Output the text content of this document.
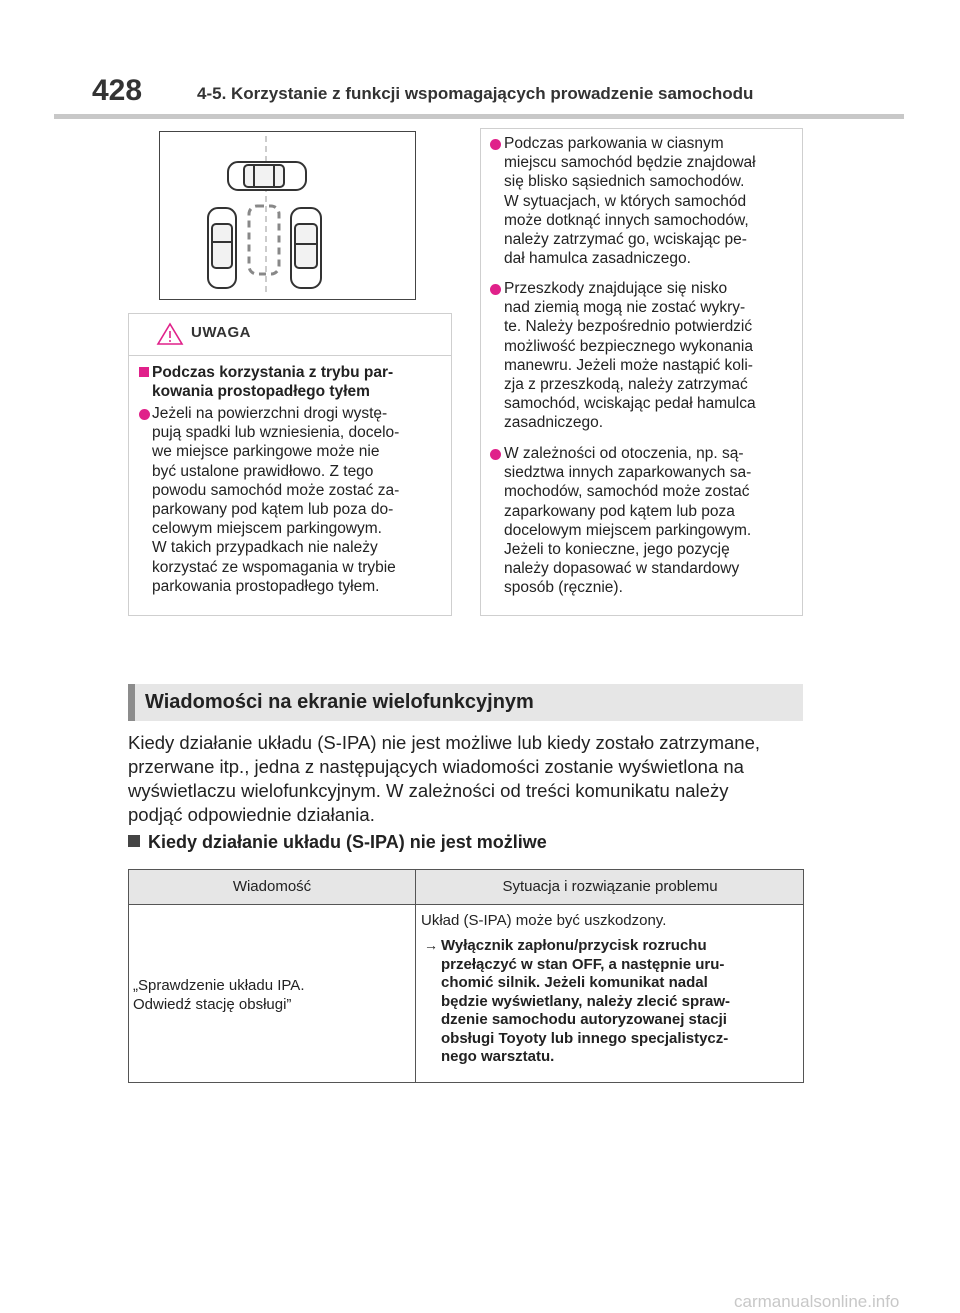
428	4-5. Korzystanie z funkcji wspomagających prowadzenie samochodu
UWAGA
Podczas korzystania z trybu par-
kowania prostopadłego tyłem
Jeżeli na powierzchni drogi wystę-
pują spadki lub wzniesienia, docelo-
we miejsce parkingowe może nie
być ustalone prawidłowo. Z tego
powodu samochód może zostać za-
parkowany pod kątem lub poza do-
celowym miejscem parkingowym.
W takich przypadkach nie należy
korzystać ze wspomagania w trybie
parkowania prostopadłego tyłem.
Podczas parkowania w ciasnym
miejscu samochód będzie znajdował
się blisko sąsiednich samochodów.
W sytuacjach, w których samochód
może dotknąć innych samochodów,
należy zatrzymać go, wciskając pe-
dał hamulca zasadniczego.
Przeszkody znajdujące się nisko
nad ziemią mogą nie zostać wykry-
te. Należy bezpośrednio potwierdzić
możliwość bezpiecznego wykonania
manewru. Jeżeli może nastąpić koli-
zja z przeszkodą, należy zatrzymać
samochód, wciskając pedał hamulca
zasadniczego.
W zależności od otoczenia, np. są-
siedztwa innych zaparkowanych sa-
mochodów, samochód może zostać
zaparkowany pod kątem lub poza
docelowym miejscem parkingowym.
Jeżeli to konieczne, jego pozycję
należy dopasować w standardowy
sposób (ręcznie).
Wiadomości na ekranie wielofunkcyjnym
Kiedy działanie układu (S-IPA) nie jest możliwe lub kiedy zostało zatrzymane,
przerwane itp., jedna z następujących wiadomości zostanie wyświetlona na
wyświetlaczu wielofunkcyjnym. W zależności od treści komunikatu należy
podjąć odpowiednie działania.
Kiedy działanie układu (S-IPA) nie jest możliwe
Wiadomość	Sytuacja i rozwiązanie problemu
„Sprawdzenie układu IPA.
Odwiedź stację obsługi”
Układ (S-IPA) może być uszkodzony.
→ Wyłącznik zapłonu/przycisk rozruchu
przełączyć w stan OFF, a następnie uru-
chomić silnik. Jeżeli komunikat nadal
będzie wyświetlany, należy zlecić spraw-
dzenie samochodu autoryzowanej stacji
obsługi Toyoty lub innego specjalistycz-
nego warsztatu.
carmanualsonline.info
